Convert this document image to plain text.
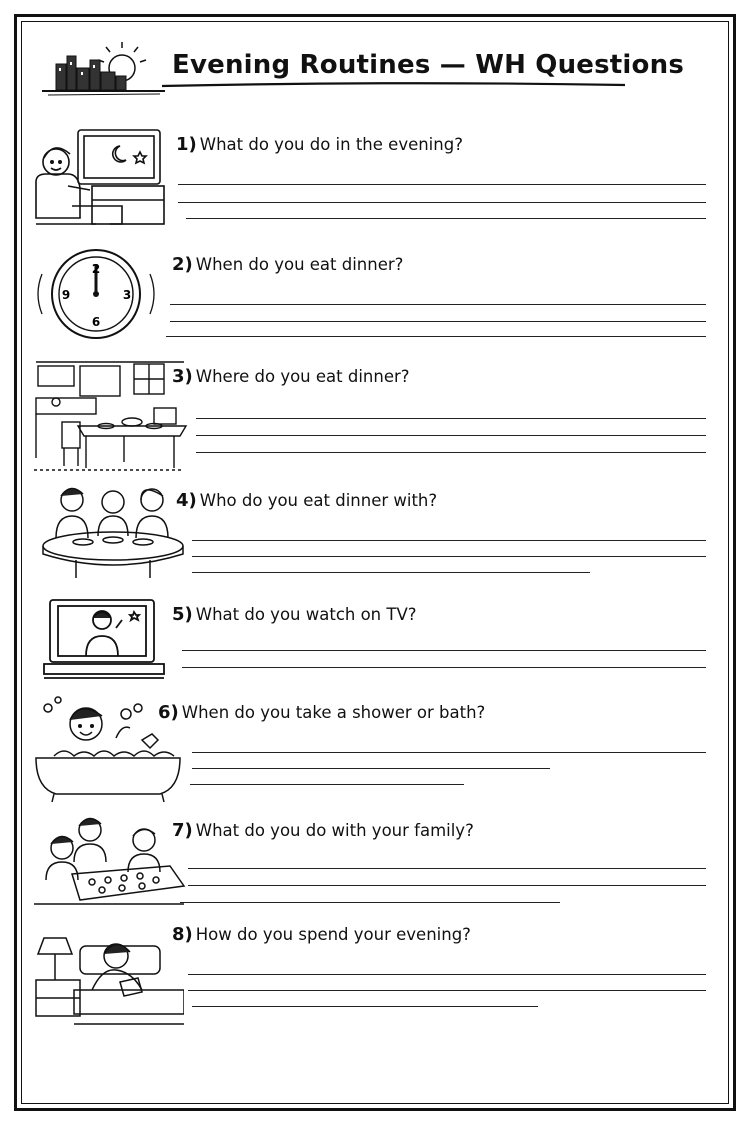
Evening Routines — WH Questions
1) What do you do in the evening?
2
3
6
9
2) When do you eat dinner?
3) Where do you eat dinner?
4) Who do you eat dinner with?
5) What do you watch on TV?
6) When do you take a shower or bath?
7) What do you do with your family?
8) How do you spend your evening?
